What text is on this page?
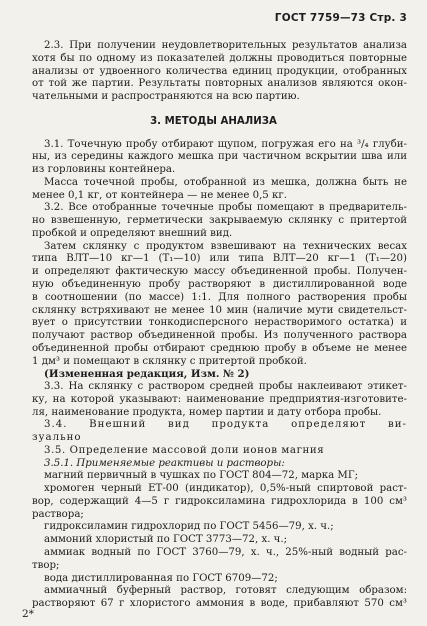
ГОСТ 7759—73 Стр. 3
2.3. При получении неудовлетворительных результатов анализа
хотя бы по одному из показателей должны проводиться повторные
анализы от удвоенного количества единиц продукции, отобранных
от той же партии. Результаты повторных анализов являются окон-
чательными и распространяются на всю партию.
3. МЕТОДЫ АНАЛИЗА
3.1. Точечную пробу отбирают щупом, погружая его на ³/₄ глуби-
ны, из середины каждого мешка при частичном вскрытии шва или
из горловины контейнера.
Масса точечной пробы, отобранной из мешка, должна быть не
менее 0,1 кг, от контейнера — не менее 0,5 кг.
3.2. Все отобранные точечные пробы помещают в предваритель-
но взвешенную, герметически закрываемую склянку с притертой
пробкой и определяют внешний вид.
Затем склянку с продуктом взвешивают на технических весах
типа ВЛТ—10 кг—1 (Т₁—10) или типа ВЛТ—20 кг—1 (Т₁—20)
и определяют фактическую массу объединенной пробы. Получен-
ную объединенную пробу растворяют в дистиллированной воде
в соотношении (по массе) 1:1. Для полного растворения пробы
склянку встряхивают не менее 10 мин (наличие мути свидетельст-
вует о присутствии тонкодисперсного нерастворимого остатка) и
получают раствор объединенной пробы. Из полученного раствора
объединенной пробы отбирают среднюю пробу в объеме не менее
1 дм³ и помещают в склянку с притертой пробкой.
(Измененная редакция, Изм. № 2)
3.3. На склянку с раствором средней пробы наклеивают этикет-
ку, на которой указывают: наименование предприятия-изготовите-
ля, наименование продукта, номер партии и дату отбора пробы.
3.4. Внешний вид продукта определяют ви-
зуально
3.5. Определение массовой доли ионов магния
3.5.1. Применяемые реактивы и растворы:
магний первичный в чушках по ГОСТ 804—72, марка МГ;
хромоген черный ЕТ-00 (индикатор), 0,5%-ный спиртовой раст-
вор, содержащий 4—5 г гидроксиламина гидрохлорида в 100 см³
раствора;
гидроксиламин гидрохлорид по ГОСТ 5456—79, х. ч.;
аммоний хлористый по ГОСТ 3773—72, х. ч.;
аммиак водный по ГОСТ 3760—79, х. ч., 25%-ный водный рас-
твор;
вода дистиллированная по ГОСТ 6709—72;
аммиачный буферный раствор, готовят следующим образом:
растворяют 67 г хлористого аммония в воде, прибавляют 570 см³
2*
